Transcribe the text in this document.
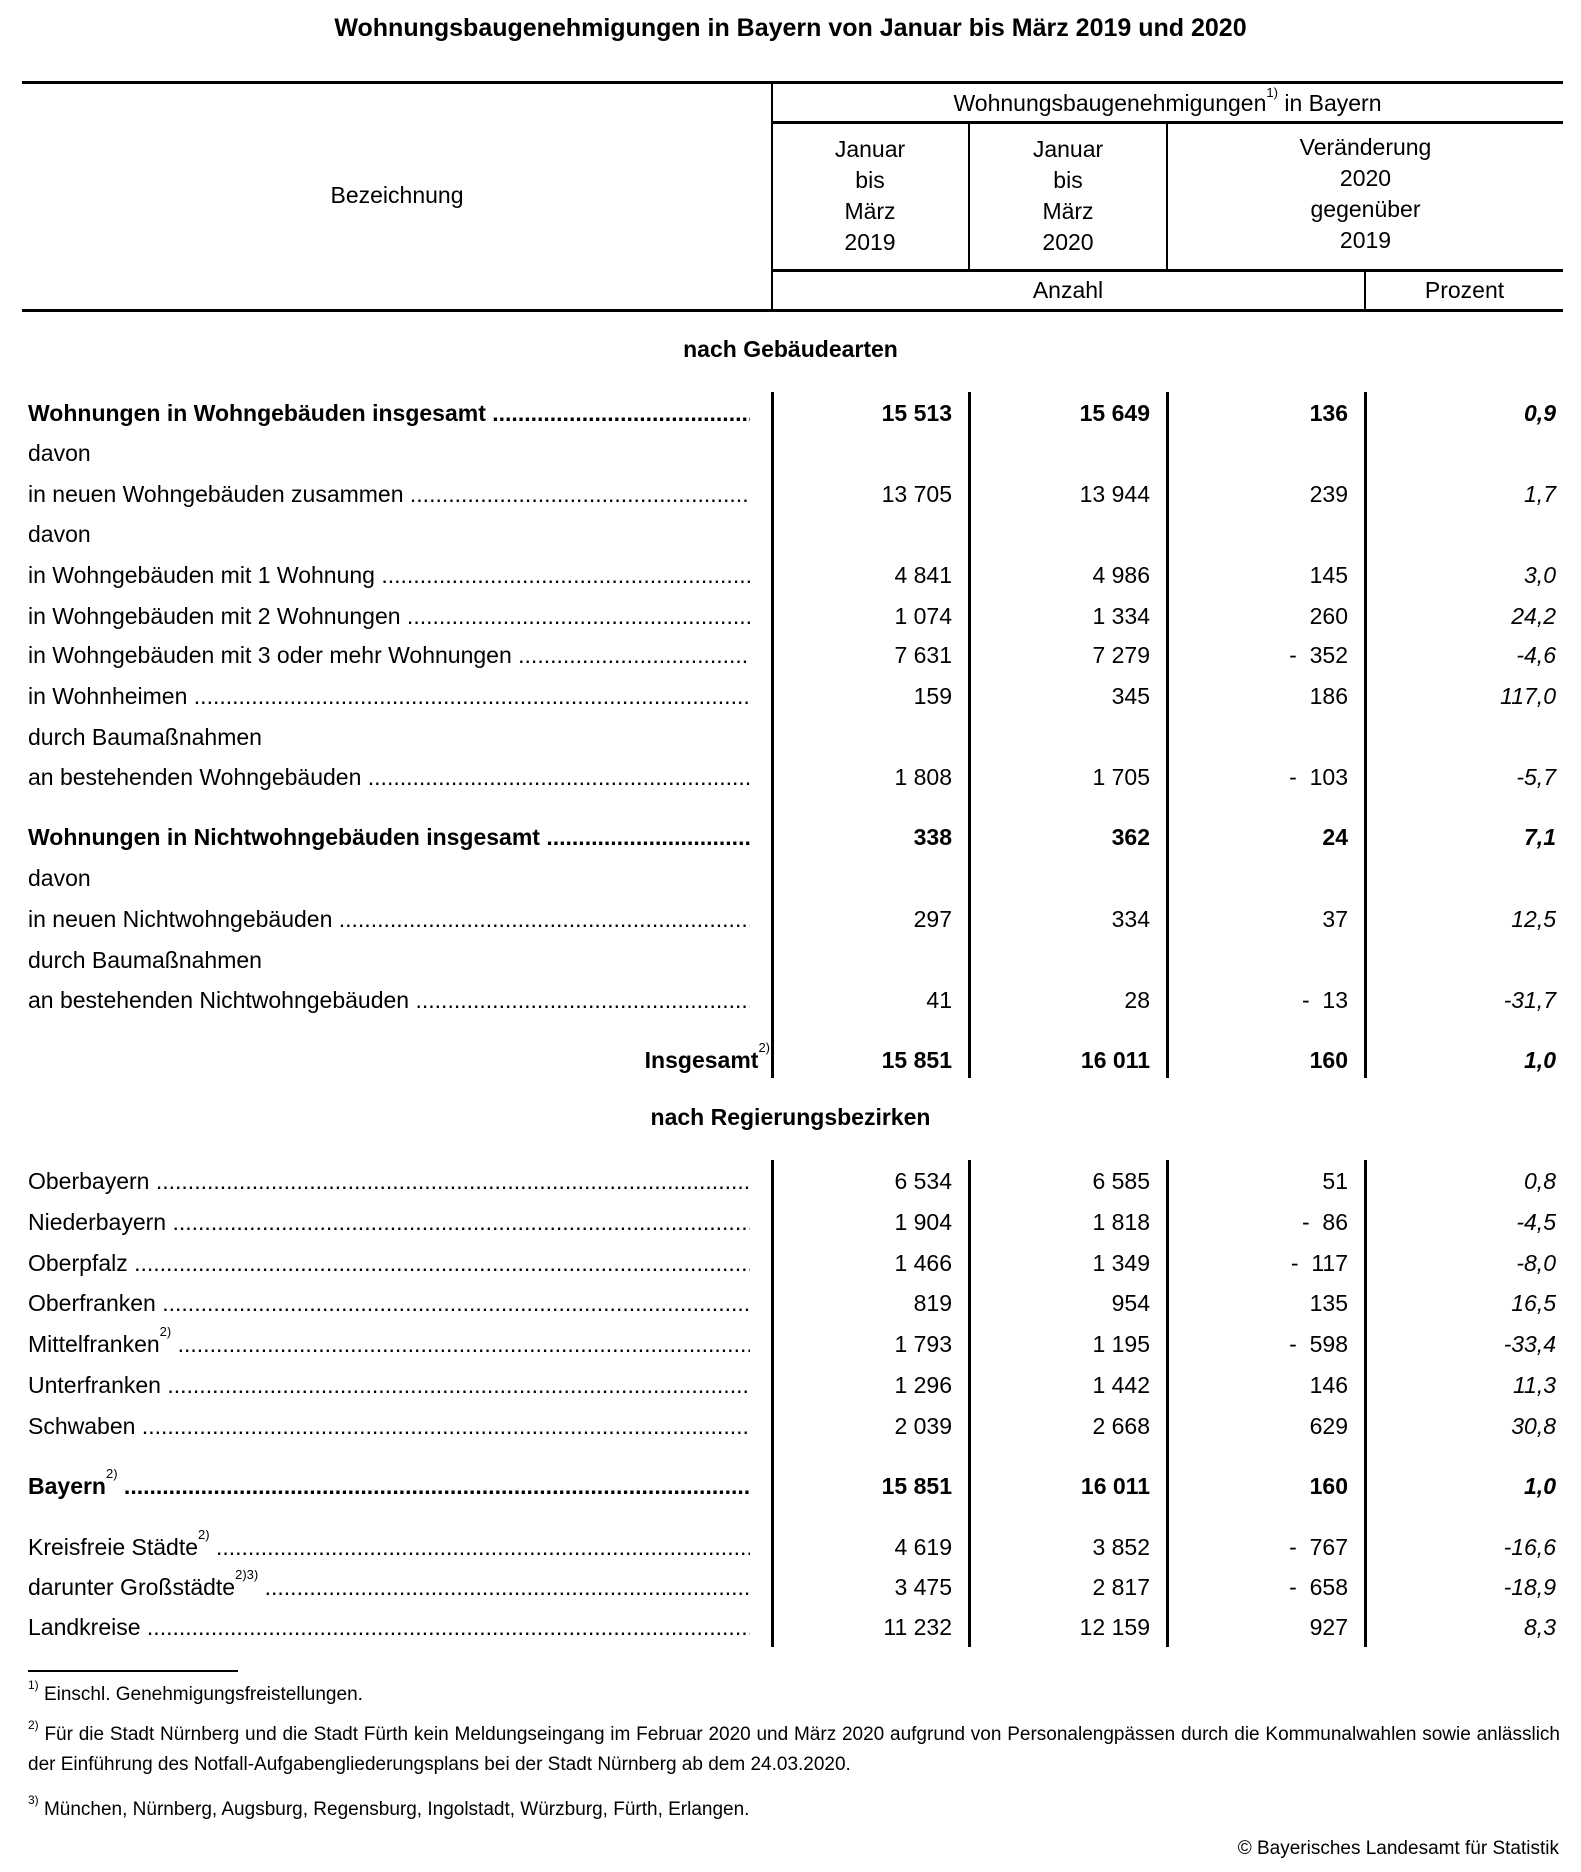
Wohnungsbaugenehmigungen in Bayern von Januar bis März 2019 und 2020
Bezeichnung
Wohnungsbaugenehmigungen$^{1)}$ in Bayern
Januar
bis
März
2019
Januar
bis
März
2020
Veränderung
2020
gegenüber
2019
Anzahl	Prozent
nach Gebäudearten
Wohnungen in Wohngebäuden insgesamt .....	15 513	15 649	136	0,9
davon
in neuen Wohngebäuden zusammen .....	13 705	13 944	239	1,7
davon
in Wohngebäuden mit 1 Wohnung .....	4 841	4 986	145	3,0
in Wohngebäuden mit 2 Wohnungen .....	1 074	1 334	260	24,2
in Wohngebäuden mit 3 oder mehr Wohnungen .....	7 631	7 279	-  352	-4,6
in Wohnheimen .....	159	345	186	117,0
durch Baumaßnahmen
an bestehenden Wohngebäuden .....	1 808	1 705	-  103	-5,7
Wohnungen in Nichtwohngebäuden insgesamt .....	338	362	24	7,1
davon
in neuen Nichtwohngebäuden .....	297	334	37	12,5
durch Baumaßnahmen
an bestehenden Nichtwohngebäuden .....	41	28	-  13	-31,7
Insgesamt$^{2)}$	15 851	16 011	160	1,0
nach Regierungsbezirken
Oberbayern .....	6 534	6 585	51	0,8
Niederbayern .....	1 904	1 818	-  86	-4,5
Oberpfalz .....	1 466	1 349	-  117	-8,0
Oberfranken .....	819	954	135	16,5
Mittelfranken$^{2)}$ .....	1 793	1 195	-  598	-33,4
Unterfranken .....	1 296	1 442	146	11,3
Schwaben .....	2 039	2 668	629	30,8
Bayern$^{2)}$ .....	15 851	16 011	160	1,0
Kreisfreie Städte$^{2)}$ .....	4 619	3 852	-  767	-16,6
darunter Großstädte$^{2)3)}$ .....	3 475	2 817	-  658	-18,9
Landkreise .....	11 232	12 159	927	8,3
$^{1)}$ Einschl. Genehmigungsfreistellungen.
$^{2)}$ Für die Stadt Nürnberg und die Stadt Fürth kein Meldungseingang im Februar 2020 und März 2020 aufgrund von Personalengpässen durch die Kommunalwahlen sowie anlässlich der Einführung des Notfall-Aufgabengliederungsplans bei der Stadt Nürnberg ab dem 24.03.2020.
$^{3)}$ München, Nürnberg, Augsburg, Regensburg, Ingolstadt, Würzburg, Fürth, Erlangen.
© Bayerisches Landesamt für Statistik
